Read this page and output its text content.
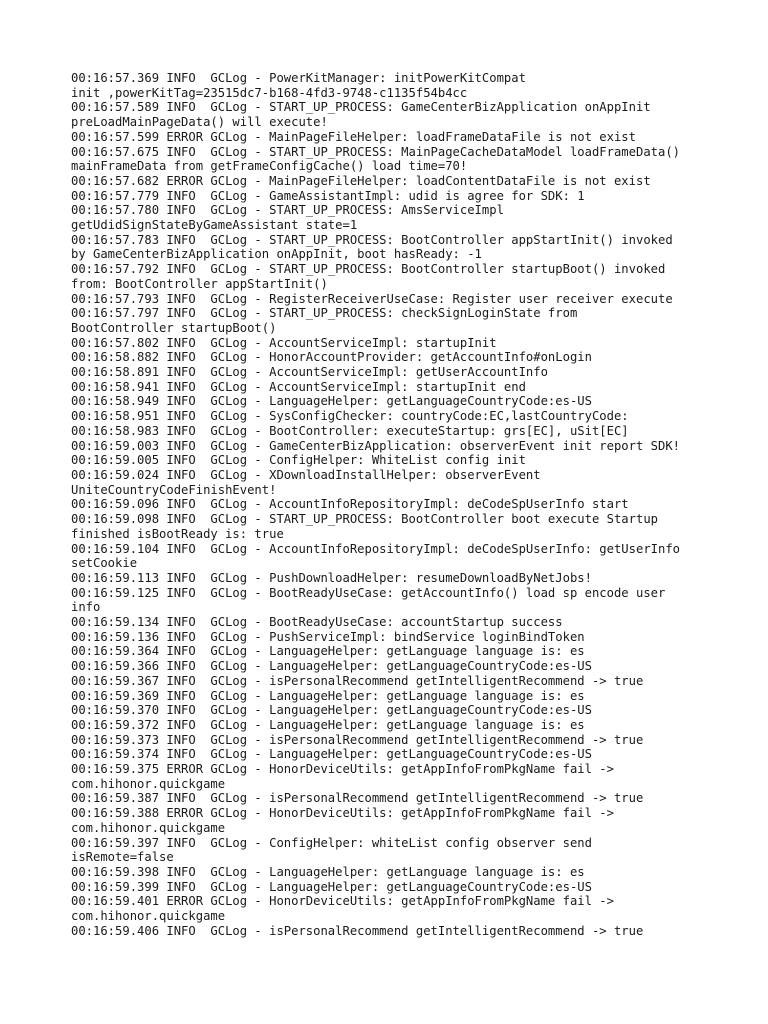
00:16:57.369 INFO  GCLog - PowerKitManager: initPowerKitCompat
init ,powerKitTag=23515dc7-b168-4fd3-9748-c1135f54b4cc
00:16:57.589 INFO  GCLog - START_UP_PROCESS: GameCenterBizApplication onAppInit
preLoadMainPageData() will execute!
00:16:57.599 ERROR GCLog - MainPageFileHelper: loadFrameDataFile is not exist
00:16:57.675 INFO  GCLog - START_UP_PROCESS: MainPageCacheDataModel loadFrameData()
mainFrameData from getFrameConfigCache() load time=70!
00:16:57.682 ERROR GCLog - MainPageFileHelper: loadContentDataFile is not exist
00:16:57.779 INFO  GCLog - GameAssistantImpl: udid is agree for SDK: 1
00:16:57.780 INFO  GCLog - START_UP_PROCESS: AmsServiceImpl
getUdidSignStateByGameAssistant state=1
00:16:57.783 INFO  GCLog - START_UP_PROCESS: BootController appStartInit() invoked
by GameCenterBizApplication onAppInit, boot hasReady: -1
00:16:57.792 INFO  GCLog - START_UP_PROCESS: BootController startupBoot() invoked
from: BootController appStartInit()
00:16:57.793 INFO  GCLog - RegisterReceiverUseCase: Register user receiver execute
00:16:57.797 INFO  GCLog - START_UP_PROCESS: checkSignLoginState from
BootController startupBoot()
00:16:57.802 INFO  GCLog - AccountServiceImpl: startupInit
00:16:58.882 INFO  GCLog - HonorAccountProvider: getAccountInfo#onLogin
00:16:58.891 INFO  GCLog - AccountServiceImpl: getUserAccountInfo
00:16:58.941 INFO  GCLog - AccountServiceImpl: startupInit end
00:16:58.949 INFO  GCLog - LanguageHelper: getLanguageCountryCode:es-US
00:16:58.951 INFO  GCLog - SysConfigChecker: countryCode:EC,lastCountryCode:
00:16:58.983 INFO  GCLog - BootController: executeStartup: grs[EC], uSit[EC]
00:16:59.003 INFO  GCLog - GameCenterBizApplication: observerEvent init report SDK!
00:16:59.005 INFO  GCLog - ConfigHelper: WhiteList config init
00:16:59.024 INFO  GCLog - XDownloadInstallHelper: observerEvent
UniteCountryCodeFinishEvent!
00:16:59.096 INFO  GCLog - AccountInfoRepositoryImpl: deCodeSpUserInfo start
00:16:59.098 INFO  GCLog - START_UP_PROCESS: BootController boot execute Startup
finished isBootReady is: true
00:16:59.104 INFO  GCLog - AccountInfoRepositoryImpl: deCodeSpUserInfo: getUserInfo
setCookie
00:16:59.113 INFO  GCLog - PushDownloadHelper: resumeDownloadByNetJobs!
00:16:59.125 INFO  GCLog - BootReadyUseCase: getAccountInfo() load sp encode user
info
00:16:59.134 INFO  GCLog - BootReadyUseCase: accountStartup success
00:16:59.136 INFO  GCLog - PushServiceImpl: bindService loginBindToken
00:16:59.364 INFO  GCLog - LanguageHelper: getLanguage language is: es
00:16:59.366 INFO  GCLog - LanguageHelper: getLanguageCountryCode:es-US
00:16:59.367 INFO  GCLog - isPersonalRecommend getIntelligentRecommend -> true
00:16:59.369 INFO  GCLog - LanguageHelper: getLanguage language is: es
00:16:59.370 INFO  GCLog - LanguageHelper: getLanguageCountryCode:es-US
00:16:59.372 INFO  GCLog - LanguageHelper: getLanguage language is: es
00:16:59.373 INFO  GCLog - isPersonalRecommend getIntelligentRecommend -> true
00:16:59.374 INFO  GCLog - LanguageHelper: getLanguageCountryCode:es-US
00:16:59.375 ERROR GCLog - HonorDeviceUtils: getAppInfoFromPkgName fail ->
com.hihonor.quickgame
00:16:59.387 INFO  GCLog - isPersonalRecommend getIntelligentRecommend -> true
00:16:59.388 ERROR GCLog - HonorDeviceUtils: getAppInfoFromPkgName fail ->
com.hihonor.quickgame
00:16:59.397 INFO  GCLog - ConfigHelper: whiteList config observer send
isRemote=false
00:16:59.398 INFO  GCLog - LanguageHelper: getLanguage language is: es
00:16:59.399 INFO  GCLog - LanguageHelper: getLanguageCountryCode:es-US
00:16:59.401 ERROR GCLog - HonorDeviceUtils: getAppInfoFromPkgName fail ->
com.hihonor.quickgame
00:16:59.406 INFO  GCLog - isPersonalRecommend getIntelligentRecommend -> true
